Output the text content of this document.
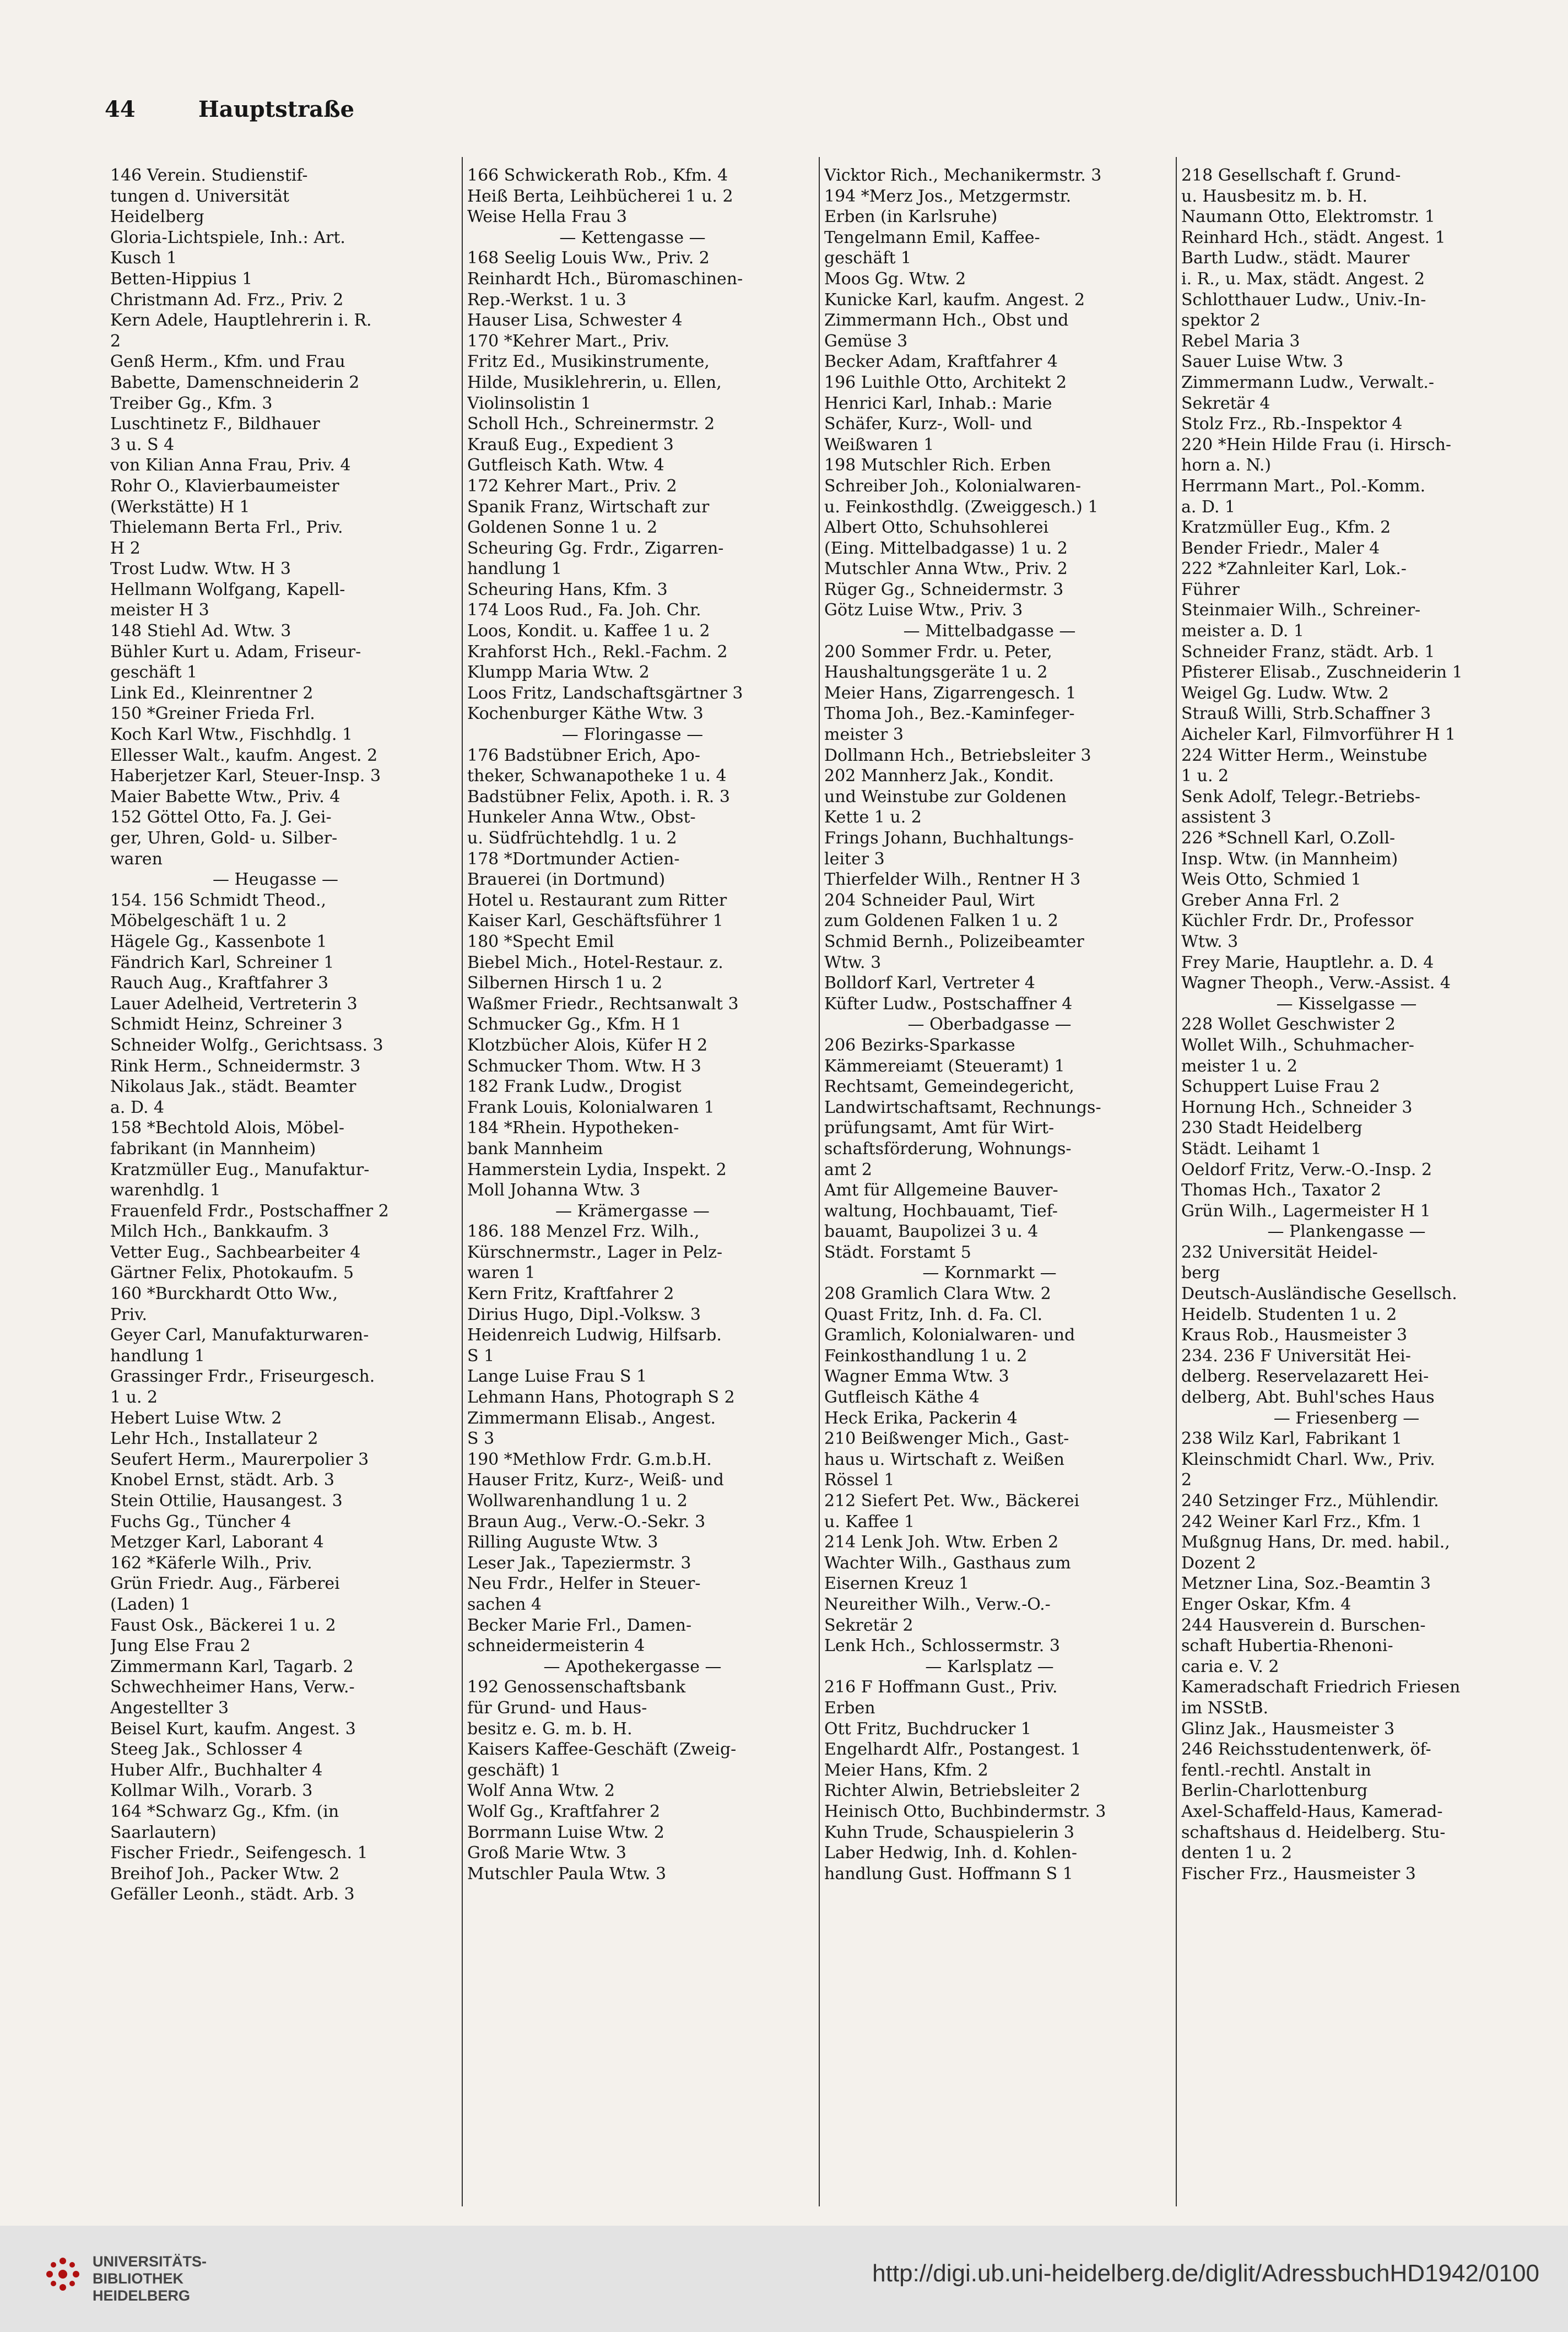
44	Hauptstraße
146 Verein. Studienstif-
tungen d. Universität
Heidelberg
Gloria-Lichtspiele, Inh.: Art.
Kusch 1
Betten-Hippius 1
Christmann Ad. Frz., Priv. 2
Kern Adele, Hauptlehrerin i. R.
2
Genß Herm., Kfm. und Frau
Babette, Damenschneiderin 2
Treiber Gg., Kfm. 3
Luschtinetz F., Bildhauer
3 u. S 4
von Kilian Anna Frau, Priv. 4
Rohr O., Klavierbaumeister
(Werkstätte) H 1
Thielemann Berta Frl., Priv.
H 2
Trost Ludw. Wtw. H 3
Hellmann Wolfgang, Kapell-
meister H 3
148 Stiehl Ad. Wtw. 3
Bühler Kurt u. Adam, Friseur-
geschäft 1
Link Ed., Kleinrentner 2
150 *Greiner Frieda Frl.
Koch Karl Wtw., Fischhdlg. 1
Ellesser Walt., kaufm. Angest. 2
Haberjetzer Karl, Steuer-Insp. 3
Maier Babette Wtw., Priv. 4
152 Göttel Otto, Fa. J. Gei-
ger, Uhren, Gold- u. Silber-
waren
— Heugasse —
154. 156 Schmidt Theod.,
Möbelgeschäft 1 u. 2
Hägele Gg., Kassenbote 1
Fändrich Karl, Schreiner 1
Rauch Aug., Kraftfahrer 3
Lauer Adelheid, Vertreterin 3
Schmidt Heinz, Schreiner 3
Schneider Wolfg., Gerichtsass. 3
Rink Herm., Schneidermstr. 3
Nikolaus Jak., städt. Beamter
a. D. 4
158 *Bechtold Alois, Möbel-
fabrikant (in Mannheim)
Kratzmüller Eug., Manufaktur-
warenhdlg. 1
Frauenfeld Frdr., Postschaffner 2
Milch Hch., Bankkaufm. 3
Vetter Eug., Sachbearbeiter 4
Gärtner Felix, Photokaufm. 5
160 *Burckhardt Otto Ww.,
Priv.
Geyer Carl, Manufakturwaren-
handlung 1
Grassinger Frdr., Friseurgesch.
1 u. 2
Hebert Luise Wtw. 2
Lehr Hch., Installateur 2
Seufert Herm., Maurerpolier 3
Knobel Ernst, städt. Arb. 3
Stein Ottilie, Hausangest. 3
Fuchs Gg., Tüncher 4
Metzger Karl, Laborant 4
162 *Käferle Wilh., Priv.
Grün Friedr. Aug., Färberei
(Laden) 1
Faust Osk., Bäckerei 1 u. 2
Jung Else Frau 2
Zimmermann Karl, Tagarb. 2
Schwechheimer Hans, Verw.-
Angestellter 3
Beisel Kurt, kaufm. Angest. 3
Steeg Jak., Schlosser 4
Huber Alfr., Buchhalter 4
Kollmar Wilh., Vorarb. 3
164 *Schwarz Gg., Kfm. (in
Saarlautern)
Fischer Friedr., Seifengesch. 1
Breihof Joh., Packer Wtw. 2
Gefäller Leonh., städt. Arb. 3
166 Schwickerath Rob., Kfm. 4
Heiß Berta, Leihbücherei 1 u. 2
Weise Hella Frau 3
— Kettengasse —
168 Seelig Louis Ww., Priv. 2
Reinhardt Hch., Büromaschinen-
Rep.-Werkst. 1 u. 3
Hauser Lisa, Schwester 4
170 *Kehrer Mart., Priv.
Fritz Ed., Musikinstrumente,
Hilde, Musiklehrerin, u. Ellen,
Violinsolistin 1
Scholl Hch., Schreinermstr. 2
Krauß Eug., Expedient 3
Gutfleisch Kath. Wtw. 4
172 Kehrer Mart., Priv. 2
Spanik Franz, Wirtschaft zur
Goldenen Sonne 1 u. 2
Scheuring Gg. Frdr., Zigarren-
handlung 1
Scheuring Hans, Kfm. 3
174 Loos Rud., Fa. Joh. Chr.
Loos, Kondit. u. Kaffee 1 u. 2
Krahforst Hch., Rekl.-Fachm. 2
Klumpp Maria Wtw. 2
Loos Fritz, Landschaftsgärtner 3
Kochenburger Käthe Wtw. 3
— Floringasse —
176 Badstübner Erich, Apo-
theker, Schwanapotheke 1 u. 4
Badstübner Felix, Apoth. i. R. 3
Hunkeler Anna Wtw., Obst-
u. Südfrüchtehdlg. 1 u. 2
178 *Dortmunder Actien-
Brauerei (in Dortmund)
Hotel u. Restaurant zum Ritter
Kaiser Karl, Geschäftsführer 1
180 *Specht Emil
Biebel Mich., Hotel-Restaur. z.
Silbernen Hirsch 1 u. 2
Waßmer Friedr., Rechtsanwalt 3
Schmucker Gg., Kfm. H 1
Klotzbücher Alois, Küfer H 2
Schmucker Thom. Wtw. H 3
182 Frank Ludw., Drogist
Frank Louis, Kolonialwaren 1
184 *Rhein. Hypotheken-
bank Mannheim
Hammerstein Lydia, Inspekt. 2
Moll Johanna Wtw. 3
— Krämergasse —
186. 188 Menzel Frz. Wilh.,
Kürschnermstr., Lager in Pelz-
waren 1
Kern Fritz, Kraftfahrer 2
Dirius Hugo, Dipl.-Volksw. 3
Heidenreich Ludwig, Hilfsarb.
S 1
Lange Luise Frau S 1
Lehmann Hans, Photograph S 2
Zimmermann Elisab., Angest.
S 3
190 *Methlow Frdr. G.m.b.H.
Hauser Fritz, Kurz-, Weiß- und
Wollwarenhandlung 1 u. 2
Braun Aug., Verw.-O.-Sekr. 3
Rilling Auguste Wtw. 3
Leser Jak., Tapeziermstr. 3
Neu Frdr., Helfer in Steuer-
sachen 4
Becker Marie Frl., Damen-
schneidermeisterin 4
— Apothekergasse —
192 Genossenschaftsbank
für Grund- und Haus-
besitz e. G. m. b. H.
Kaisers Kaffee-Geschäft (Zweig-
geschäft) 1
Wolf Anna Wtw. 2
Wolf Gg., Kraftfahrer 2
Borrmann Luise Wtw. 2
Groß Marie Wtw. 3
Mutschler Paula Wtw. 3
Vicktor Rich., Mechanikermstr. 3
194 *Merz Jos., Metzgermstr.
Erben (in Karlsruhe)
Tengelmann Emil, Kaffee-
geschäft 1
Moos Gg. Wtw. 2
Kunicke Karl, kaufm. Angest. 2
Zimmermann Hch., Obst und
Gemüse 3
Becker Adam, Kraftfahrer 4
196 Luithle Otto, Architekt 2
Henrici Karl, Inhab.: Marie
Schäfer, Kurz-, Woll- und
Weißwaren 1
198 Mutschler Rich. Erben
Schreiber Joh., Kolonialwaren-
u. Feinkosthdlg. (Zweiggesch.) 1
Albert Otto, Schuhsohlerei
(Eing. Mittelbadgasse) 1 u. 2
Mutschler Anna Wtw., Priv. 2
Rüger Gg., Schneidermstr. 3
Götz Luise Wtw., Priv. 3
— Mittelbadgasse —
200 Sommer Frdr. u. Peter,
Haushaltungsgeräte 1 u. 2
Meier Hans, Zigarrengesch. 1
Thoma Joh., Bez.-Kaminfeger-
meister 3
Dollmann Hch., Betriebsleiter 3
202 Mannherz Jak., Kondit.
und Weinstube zur Goldenen
Kette 1 u. 2
Frings Johann, Buchhaltungs-
leiter 3
Thierfelder Wilh., Rentner H 3
204 Schneider Paul, Wirt
zum Goldenen Falken 1 u. 2
Schmid Bernh., Polizeibeamter
Wtw. 3
Bolldorf Karl, Vertreter 4
Küfter Ludw., Postschaffner 4
— Oberbadgasse —
206 Bezirks-Sparkasse
Kämmereiamt (Steueramt) 1
Rechtsamt, Gemeindegericht,
Landwirtschaftsamt, Rechnungs-
prüfungsamt, Amt für Wirt-
schaftsförderung, Wohnungs-
amt 2
Amt für Allgemeine Bauver-
waltung, Hochbauamt, Tief-
bauamt, Baupolizei 3 u. 4
Städt. Forstamt 5
— Kornmarkt —
208 Gramlich Clara Wtw. 2
Quast Fritz, Inh. d. Fa. Cl.
Gramlich, Kolonialwaren- und
Feinkosthandlung 1 u. 2
Wagner Emma Wtw. 3
Gutfleisch Käthe 4
Heck Erika, Packerin 4
210 Beißwenger Mich., Gast-
haus u. Wirtschaft z. Weißen
Rössel 1
212 Siefert Pet. Ww., Bäckerei
u. Kaffee 1
214 Lenk Joh. Wtw. Erben 2
Wachter Wilh., Gasthaus zum
Eisernen Kreuz 1
Neureither Wilh., Verw.-O.-
Sekretär 2
Lenk Hch., Schlossermstr. 3
— Karlsplatz —
216 F Hoffmann Gust., Priv.
Erben
Ott Fritz, Buchdrucker 1
Engelhardt Alfr., Postangest. 1
Meier Hans, Kfm. 2
Richter Alwin, Betriebsleiter 2
Heinisch Otto, Buchbindermstr. 3
Kuhn Trude, Schauspielerin 3
Laber Hedwig, Inh. d. Kohlen-
handlung Gust. Hoffmann S 1
218 Gesellschaft f. Grund-
u. Hausbesitz m. b. H.
Naumann Otto, Elektromstr. 1
Reinhard Hch., städt. Angest. 1
Barth Ludw., städt. Maurer
i. R., u. Max, städt. Angest. 2
Schlotthauer Ludw., Univ.-In-
spektor 2
Rebel Maria 3
Sauer Luise Wtw. 3
Zimmermann Ludw., Verwalt.-
Sekretär 4
Stolz Frz., Rb.-Inspektor 4
220 *Hein Hilde Frau (i. Hirsch-
horn a. N.)
Herrmann Mart., Pol.-Komm.
a. D. 1
Kratzmüller Eug., Kfm. 2
Bender Friedr., Maler 4
222 *Zahnleiter Karl, Lok.-
Führer
Steinmaier Wilh., Schreiner-
meister a. D. 1
Schneider Franz, städt. Arb. 1
Pfisterer Elisab., Zuschneiderin 1
Weigel Gg. Ludw. Wtw. 2
Strauß Willi, Strb.Schaffner 3
Aicheler Karl, Filmvorführer H 1
224 Witter Herm., Weinstube
1 u. 2
Senk Adolf, Telegr.-Betriebs-
assistent 3
226 *Schnell Karl, O.Zoll-
Insp. Wtw. (in Mannheim)
Weis Otto, Schmied 1
Greber Anna Frl. 2
Küchler Frdr. Dr., Professor
Wtw. 3
Frey Marie, Hauptlehr. a. D. 4
Wagner Theoph., Verw.-Assist. 4
— Kisselgasse —
228 Wollet Geschwister 2
Wollet Wilh., Schuhmacher-
meister 1 u. 2
Schuppert Luise Frau 2
Hornung Hch., Schneider 3
230 Stadt Heidelberg
Städt. Leihamt 1
Oeldorf Fritz, Verw.-O.-Insp. 2
Thomas Hch., Taxator 2
Grün Wilh., Lagermeister H 1
— Plankengasse —
232 Universität Heidel-
berg
Deutsch-Ausländische Gesellsch.
Heidelb. Studenten 1 u. 2
Kraus Rob., Hausmeister 3
234. 236 F Universität Hei-
delberg. Reservelazarett Hei-
delberg, Abt. Buhl'sches Haus
— Friesenberg —
238 Wilz Karl, Fabrikant 1
Kleinschmidt Charl. Ww., Priv.
2
240 Setzinger Frz., Mühlendir.
242 Weiner Karl Frz., Kfm. 1
Mußgnug Hans, Dr. med. habil.,
Dozent 2
Metzner Lina, Soz.-Beamtin 3
Enger Oskar, Kfm. 4
244 Hausverein d. Burschen-
schaft Hubertia-Rhenoni-
caria e. V. 2
Kameradschaft Friedrich Friesen
im NSStB.
Glinz Jak., Hausmeister 3
246 Reichsstudentenwerk, öf-
fentl.-rechtl. Anstalt in
Berlin-Charlottenburg
Axel-Schaffeld-Haus, Kamerad-
schaftshaus d. Heidelberg. Stu-
denten 1 u. 2
Fischer Frz., Hausmeister 3
UNIVERSITÄTS-
BIBLIOTHEK
HEIDELBERG
http://digi.ub.uni-heidelberg.de/diglit/AdressbuchHD1942/0100
